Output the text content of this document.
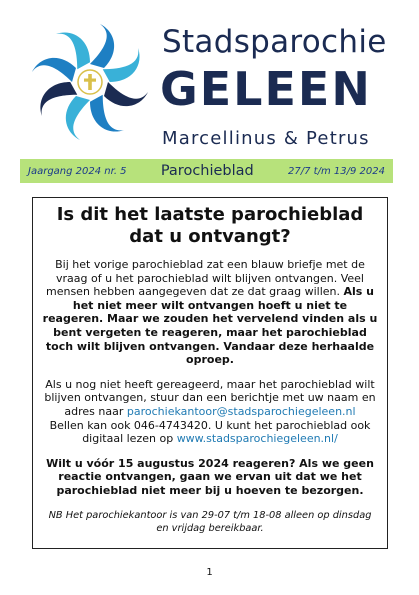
Stadsparochie
GELEEN
Marcellinus & Petrus
Jaargang 2024 nr. 5 Parochieblad	27/7 t/m 13/9 2024
Is dit het laatste parochieblad
dat u ontvangt?

Bij het vorige parochieblad zat een blauw briefje met de vraag of u het parochieblad wilt blijven ontvangen. Veel mensen hebben aangegeven dat ze dat graag willen. Als u het niet meer wilt ontvangen hoeft u niet te reageren. Maar we zouden het vervelend vinden als u bent vergeten te reageren, maar het parochieblad toch wilt blijven ontvangen. Vandaar deze herhaalde oproep.

Als u nog niet heeft gereageerd, maar het parochieblad wilt blijven ontvangen, stuur dan een berichtje met uw naam en adres naar parochiekantoor@stadsparochiegeleen.nl
Bellen kan ook 046-4743420. U kunt het parochieblad ook digitaal lezen op www.stadsparochiegeleen.nl/

Wilt u vóór 15 augustus 2024 reageren? Als we geen reactie ontvangen, gaan we ervan uit dat we het parochieblad niet meer bij u hoeven te bezorgen.

NB Het parochiekantoor is van 29-07 t/m 18-08 alleen op dinsdag en vrijdag bereikbaar.

1
